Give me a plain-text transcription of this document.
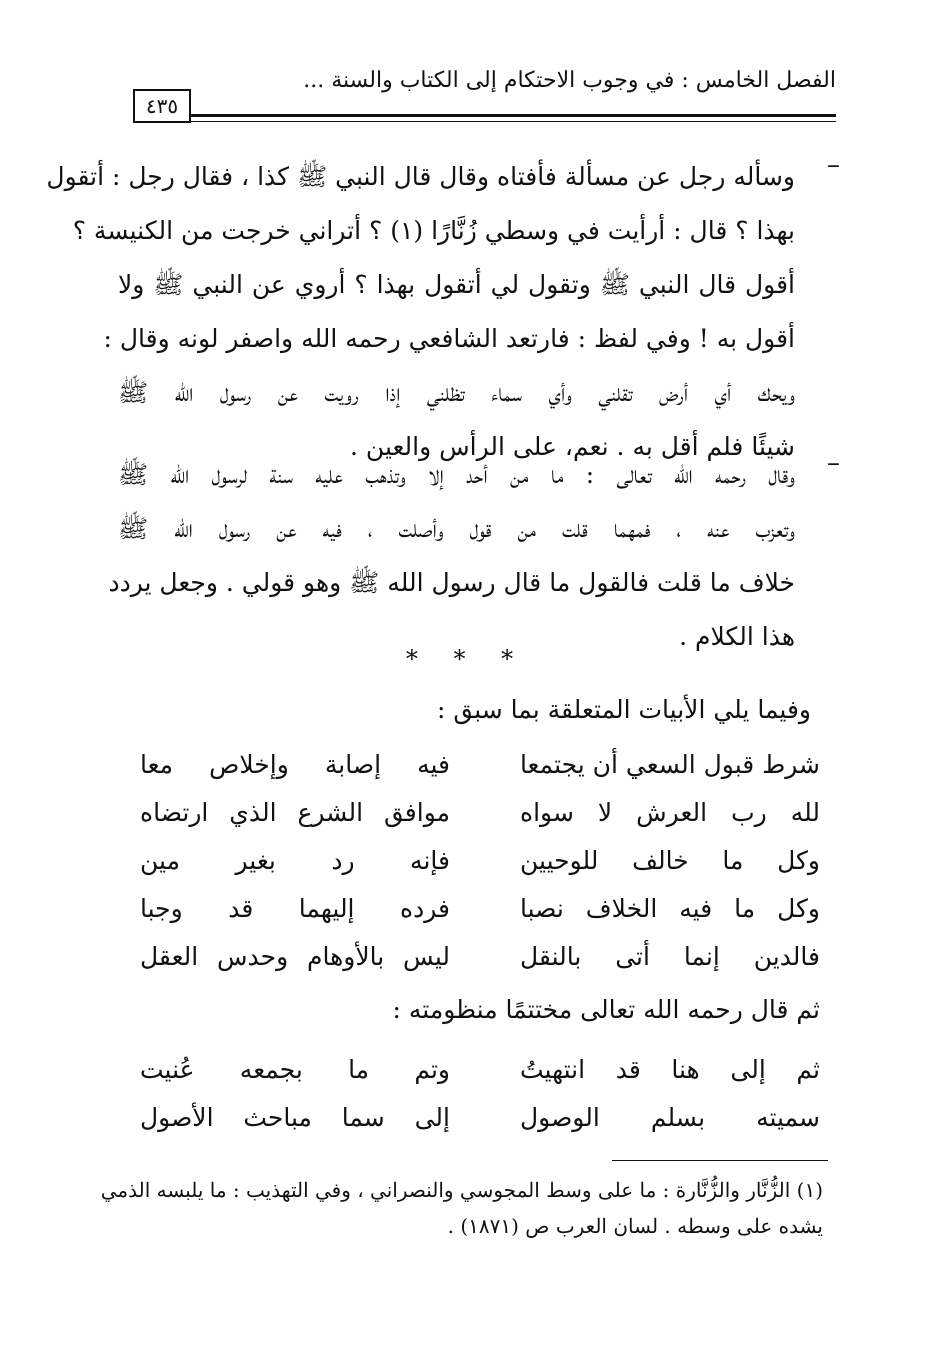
الفصل الخامس : في وجوب الاحتكام إلى الكتاب والسنة ...
٤٣٥
–
وسأله رجل عن مسألة فأفتاه وقال قال النبي ﷺ كذا ، فقال رجل : أتقول
بهذا ؟ قال : أرأيت في وسطي زُنَّارًا (١) ؟ أتراني خرجت من الكنيسة ؟
أقول قال النبي ﷺ وتقول لي أتقول بهذا ؟ أروي عن النبي ﷺ ولا
أقول به ! وفي لفظ : فارتعد الشافعي رحمه الله واصفر لونه وقال :
ويحك أي أرض تقلني وأي سماء تظلني إذا رويت عن رسول الله ﷺ
شيئًا فلم أقل به . نعم، على الرأس والعين .
–
وقال رحمه الله تعالى : ما من أحد إلا وتذهب عليه سنة لرسول الله ﷺ
وتعزب عنه ، فمهما قلت من قول وأصلت ، فيه عن رسول الله ﷺ
خلاف ما قلت فالقول ما قال رسول الله ﷺ وهو قولي . وجعل يردد
هذا الكلام .
* * *
وفيما يلي الأبيات المتعلقة بما سبق :
شرط قبول السعي أن يجتمعا
فيه إصابة وإخلاص معا
لله رب العرش لا سواه
موافق الشرع الذي ارتضاه
وكل ما خالف للوحيين
فإنه رد بغير مين
وكل ما فيه الخلاف نصبا
فرده إليهما قد وجبا
فالدين إنما أتى بالنقل
ليس بالأوهام وحدس العقل
ثم قال رحمه الله تعالى مختتمًا منظومته :
ثم إلى هنا قد انتهيتُ
وتم ما بجمعه عُنيت
سميته بسلم الوصول
إلى سما مباحث الأصول
(١) الزُّنَّار والزُّنَّارة : ما على وسط المجوسي والنصراني ، وفي التهذيب : ما يلبسه الذمي
يشده على وسطه . لسان العرب ص (١٨٧١) .
